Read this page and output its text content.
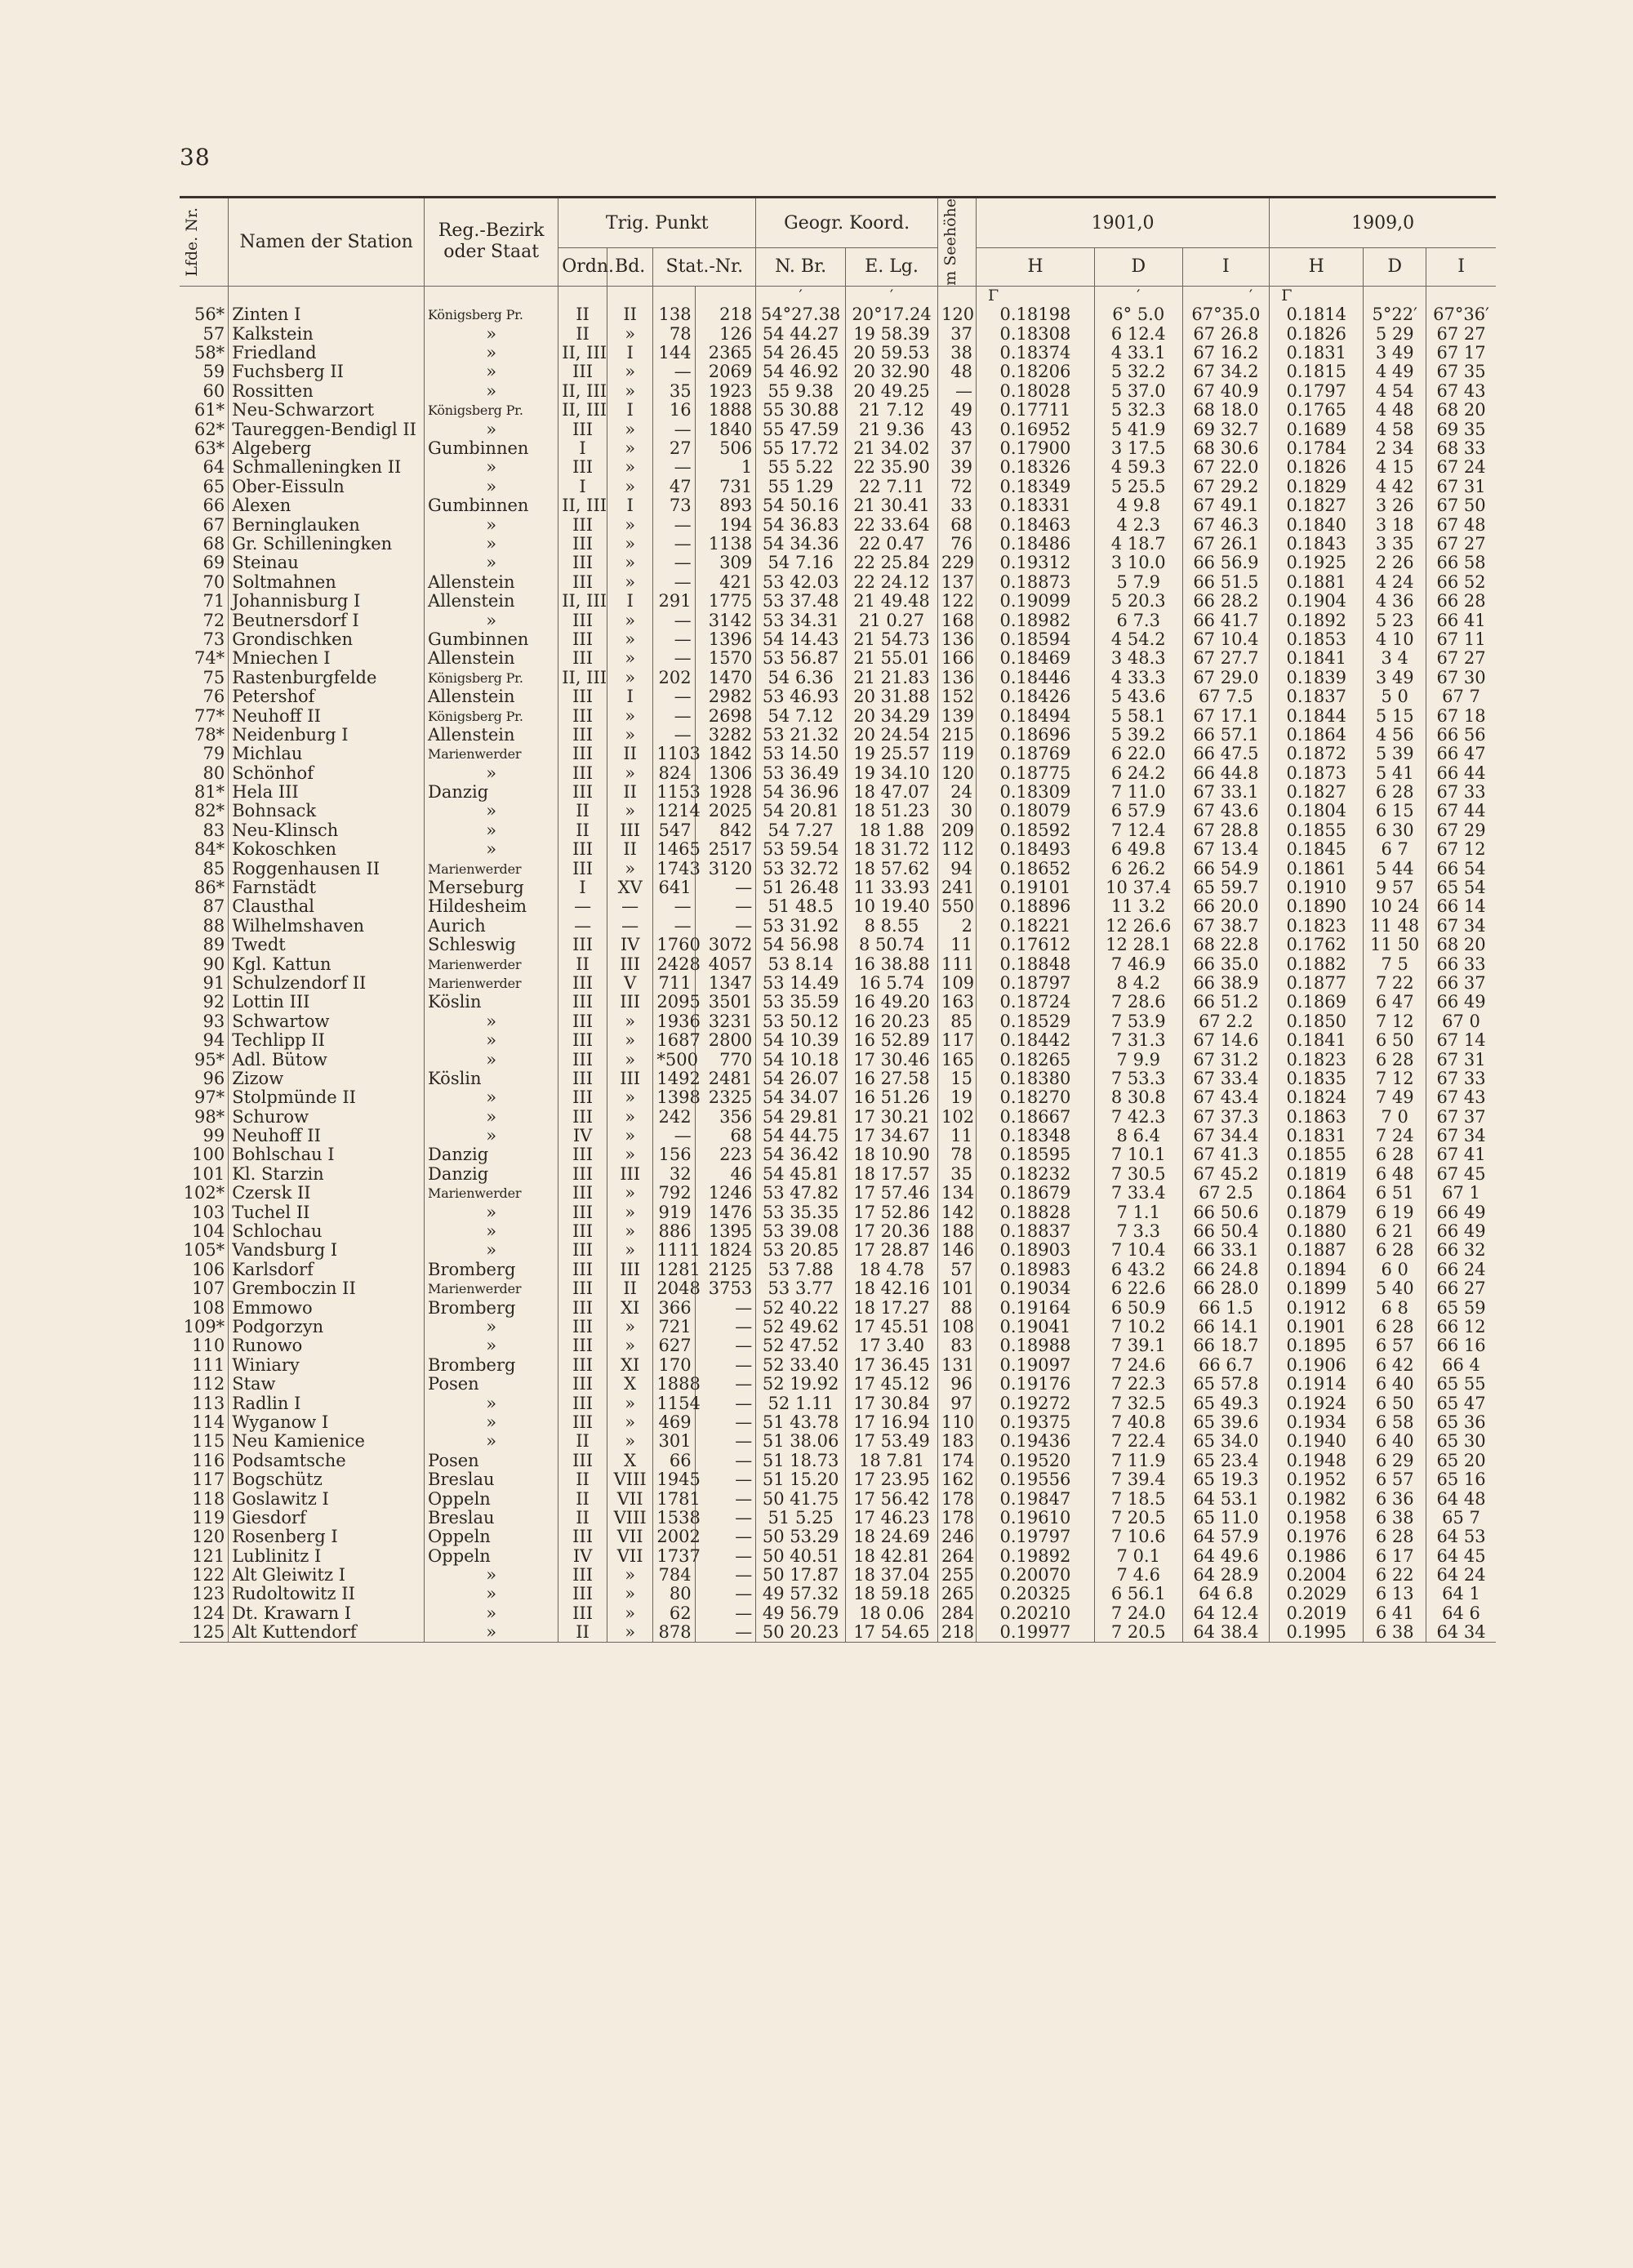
38
Lfde. Nr.	Namen der Station	Reg.-Bezirk oder Staat	Trig. Punkt				Geogr. Koord.		m Seehöhe	1901,0			1909,0		
			Ordn.	Bd.	Stat.-Nr.		N. Br.	E. Lg.		H	D	I	H	D	I
							′	′		Γ	′	′	Γ		
56*	Zinten I	Königsberg Pr.	II	II	138	218	54°27.38	20°17.24	120	0.18198	6° 5.0	67°35.0	0.1814	5°22′	67°36′
57	Kalkstein	»	II	»	78	126	54 44.27	19 58.39	37	0.18308	6 12.4	67 26.8	0.1826	5 29	67 27
58*	Friedland	»	II, III	I	144	2365	54 26.45	20 59.53	38	0.18374	4 33.1	67 16.2	0.1831	3 49	67 17
59	Fuchsberg II	»	III	»	—	2069	54 46.92	20 32.90	48	0.18206	5 32.2	67 34.2	0.1815	4 49	67 35
60	Rossitten	»	II, III	»	35	1923	55 9.38	20 49.25	—	0.18028	5 37.0	67 40.9	0.1797	4 54	67 43
61*	Neu-Schwarzort	Königsberg Pr.	II, III	I	16	1888	55 30.88	21 7.12	49	0.17711	5 32.3	68 18.0	0.1765	4 48	68 20
62*	Taureggen-Bendigl II	»	III	»	—	1840	55 47.59	21 9.36	43	0.16952	5 41.9	69 32.7	0.1689	4 58	69 35
63*	Algeberg	Gumbinnen	I	»	27	506	55 17.72	21 34.02	37	0.17900	3 17.5	68 30.6	0.1784	2 34	68 33
64	Schmalleningken II	»	III	»	—	1	55 5.22	22 35.90	39	0.18326	4 59.3	67 22.0	0.1826	4 15	67 24
65	Ober-Eissuln	»	I	»	47	731	55 1.29	22 7.11	72	0.18349	5 25.5	67 29.2	0.1829	4 42	67 31
66	Alexen	Gumbinnen	II, III	I	73	893	54 50.16	21 30.41	33	0.18331	4 9.8	67 49.1	0.1827	3 26	67 50
67	Berninglauken	»	III	»	—	194	54 36.83	22 33.64	68	0.18463	4 2.3	67 46.3	0.1840	3 18	67 48
68	Gr. Schilleningken	»	III	»	—	1138	54 34.36	22 0.47	76	0.18486	4 18.7	67 26.1	0.1843	3 35	67 27
69	Steinau	»	III	»	—	309	54 7.16	22 25.84	229	0.19312	3 10.0	66 56.9	0.1925	2 26	66 58
70	Soltmahnen	Allenstein	III	»	—	421	53 42.03	22 24.12	137	0.18873	5 7.9	66 51.5	0.1881	4 24	66 52
71	Johannisburg I	Allenstein	II, III	I	291	1775	53 37.48	21 49.48	122	0.19099	5 20.3	66 28.2	0.1904	4 36	66 28
72	Beutnersdorf I	»	III	»	—	3142	53 34.31	21 0.27	168	0.18982	6 7.3	66 41.7	0.1892	5 23	66 41
73	Grondischken	Gumbinnen	III	»	—	1396	54 14.43	21 54.73	136	0.18594	4 54.2	67 10.4	0.1853	4 10	67 11
74*	Mniechen I	Allenstein	III	»	—	1570	53 56.87	21 55.01	166	0.18469	3 48.3	67 27.7	0.1841	3 4	67 27
75	Rastenburgfelde	Königsberg Pr.	II, III	»	202	1470	54 6.36	21 21.83	136	0.18446	4 33.3	67 29.0	0.1839	3 49	67 30
76	Petershof	Allenstein	III	I	—	2982	53 46.93	20 31.88	152	0.18426	5 43.6	67 7.5	0.1837	5 0	67 7
77*	Neuhoff II	Königsberg Pr.	III	»	—	2698	54 7.12	20 34.29	139	0.18494	5 58.1	67 17.1	0.1844	5 15	67 18
78*	Neidenburg I	Allenstein	III	»	—	3282	53 21.32	20 24.54	215	0.18696	5 39.2	66 57.1	0.1864	4 56	66 56
79	Michlau	Marienwerder	III	II	1103	1842	53 14.50	19 25.57	119	0.18769	6 22.0	66 47.5	0.1872	5 39	66 47
80	Schönhof	»	III	»	824	1306	53 36.49	19 34.10	120	0.18775	6 24.2	66 44.8	0.1873	5 41	66 44
81*	Hela III	Danzig	III	II	1153	1928	54 36.96	18 47.07	24	0.18309	7 11.0	67 33.1	0.1827	6 28	67 33
82*	Bohnsack	»	II	»	1214	2025	54 20.81	18 51.23	30	0.18079	6 57.9	67 43.6	0.1804	6 15	67 44
83	Neu-Klinsch	»	II	III	547	842	54 7.27	18 1.88	209	0.18592	7 12.4	67 28.8	0.1855	6 30	67 29
84*	Kokoschken	»	III	II	1465	2517	53 59.54	18 31.72	112	0.18493	6 49.8	67 13.4	0.1845	6 7	67 12
85	Roggenhausen II	Marienwerder	III	»	1743	3120	53 32.72	18 57.62	94	0.18652	6 26.2	66 54.9	0.1861	5 44	66 54
86*	Farnstädt	Merseburg	I	XV	641	—	51 26.48	11 33.93	241	0.19101	10 37.4	65 59.7	0.1910	9 57	65 54
87	Clausthal	Hildesheim	—	—	—	—	51 48.5	10 19.40	550	0.18896	11 3.2	66 20.0	0.1890	10 24	66 14
88	Wilhelmshaven	Aurich	—	—	—	—	53 31.92	8 8.55	2	0.18221	12 26.6	67 38.7	0.1823	11 48	67 34
89	Twedt	Schleswig	III	IV	1760	3072	54 56.98	8 50.74	11	0.17612	12 28.1	68 22.8	0.1762	11 50	68 20
90	Kgl. Kattun	Marienwerder	II	III	2428	4057	53 8.14	16 38.88	111	0.18848	7 46.9	66 35.0	0.1882	7 5	66 33
91	Schulzendorf II	Marienwerder	III	V	711	1347	53 14.49	16 5.74	109	0.18797	8 4.2	66 38.9	0.1877	7 22	66 37
92	Lottin III	Köslin	III	III	2095	3501	53 35.59	16 49.20	163	0.18724	7 28.6	66 51.2	0.1869	6 47	66 49
93	Schwartow	»	III	»	1936	3231	53 50.12	16 20.23	85	0.18529	7 53.9	67 2.2	0.1850	7 12	67 0
94	Techlipp II	»	III	»	1687	2800	54 10.39	16 52.89	117	0.18442	7 31.3	67 14.6	0.1841	6 50	67 14
95*	Adl. Bütow	»	III	»	*500	770	54 10.18	17 30.46	165	0.18265	7 9.9	67 31.2	0.1823	6 28	67 31
96	Zizow	Köslin	III	III	1492	2481	54 26.07	16 27.58	15	0.18380	7 53.3	67 33.4	0.1835	7 12	67 33
97*	Stolpmünde II	»	III	»	1398	2325	54 34.07	16 51.26	19	0.18270	8 30.8	67 43.4	0.1824	7 49	67 43
98*	Schurow	»	III	»	242	356	54 29.81	17 30.21	102	0.18667	7 42.3	67 37.3	0.1863	7 0	67 37
99	Neuhoff II	»	IV	»	—	68	54 44.75	17 34.67	11	0.18348	8 6.4	67 34.4	0.1831	7 24	67 34
100	Bohlschau I	Danzig	III	»	156	223	54 36.42	18 10.90	78	0.18595	7 10.1	67 41.3	0.1855	6 28	67 41
101	Kl. Starzin	Danzig	III	III	32	46	54 45.81	18 17.57	35	0.18232	7 30.5	67 45.2	0.1819	6 48	67 45
102*	Czersk II	Marienwerder	III	»	792	1246	53 47.82	17 57.46	134	0.18679	7 33.4	67 2.5	0.1864	6 51	67 1
103	Tuchel II	»	III	»	919	1476	53 35.35	17 52.86	142	0.18828	7 1.1	66 50.6	0.1879	6 19	66 49
104	Schlochau	»	III	»	886	1395	53 39.08	17 20.36	188	0.18837	7 3.3	66 50.4	0.1880	6 21	66 49
105*	Vandsburg I	»	III	»	1111	1824	53 20.85	17 28.87	146	0.18903	7 10.4	66 33.1	0.1887	6 28	66 32
106	Karlsdorf	Bromberg	III	III	1281	2125	53 7.88	18 4.78	57	0.18983	6 43.2	66 24.8	0.1894	6 0	66 24
107	Gremboczin II	Marienwerder	III	II	2048	3753	53 3.77	18 42.16	101	0.19034	6 22.6	66 28.0	0.1899	5 40	66 27
108	Emmowo	Bromberg	III	XI	366	—	52 40.22	18 17.27	88	0.19164	6 50.9	66 1.5	0.1912	6 8	65 59
109*	Podgorzyn	»	III	»	721	—	52 49.62	17 45.51	108	0.19041	7 10.2	66 14.1	0.1901	6 28	66 12
110	Runowo	»	III	»	627	—	52 47.52	17 3.40	83	0.18988	7 39.1	66 18.7	0.1895	6 57	66 16
111	Winiary	Bromberg	III	XI	170	—	52 33.40	17 36.45	131	0.19097	7 24.6	66 6.7	0.1906	6 42	66 4
112	Staw	Posen	III	X	1888	—	52 19.92	17 45.12	96	0.19176	7 22.3	65 57.8	0.1914	6 40	65 55
113	Radlin I	»	III	»	1154	—	52 1.11	17 30.84	97	0.19272	7 32.5	65 49.3	0.1924	6 50	65 47
114	Wyganow I	»	III	»	469	—	51 43.78	17 16.94	110	0.19375	7 40.8	65 39.6	0.1934	6 58	65 36
115	Neu Kamienice	»	II	»	301	—	51 38.06	17 53.49	183	0.19436	7 22.4	65 34.0	0.1940	6 40	65 30
116	Podsamtsche	Posen	III	X	66	—	51 18.73	18 7.81	174	0.19520	7 11.9	65 23.4	0.1948	6 29	65 20
117	Bogschütz	Breslau	II	VIII	1945	—	51 15.20	17 23.95	162	0.19556	7 39.4	65 19.3	0.1952	6 57	65 16
118	Goslawitz I	Oppeln	II	VII	1781	—	50 41.75	17 56.42	178	0.19847	7 18.5	64 53.1	0.1982	6 36	64 48
119	Giesdorf	Breslau	II	VIII	1538	—	51 5.25	17 46.23	178	0.19610	7 20.5	65 11.0	0.1958	6 38	65 7
120	Rosenberg I	Oppeln	III	VII	2002	—	50 53.29	18 24.69	246	0.19797	7 10.6	64 57.9	0.1976	6 28	64 53
121	Lublinitz I	Oppeln	IV	VII	1737	—	50 40.51	18 42.81	264	0.19892	7 0.1	64 49.6	0.1986	6 17	64 45
122	Alt Gleiwitz I	»	III	»	784	—	50 17.87	18 37.04	255	0.20070	7 4.6	64 28.9	0.2004	6 22	64 24
123	Rudoltowitz II	»	III	»	80	—	49 57.32	18 59.18	265	0.20325	6 56.1	64 6.8	0.2029	6 13	64 1
124	Dt. Krawarn I	»	III	»	62	—	49 56.79	18 0.06	284	0.20210	7 24.0	64 12.4	0.2019	6 41	64 6
125	Alt Kuttendorf	»	II	»	878	—	50 20.23	17 54.65	218	0.19977	7 20.5	64 38.4	0.1995	6 38	64 34
